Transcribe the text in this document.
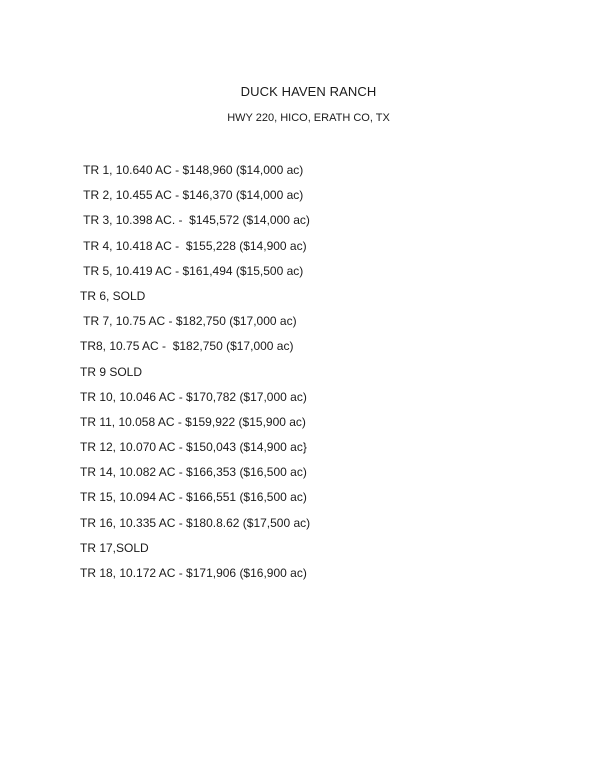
DUCK HAVEN RANCH
HWY 220, HICO, ERATH CO, TX
TR 1, 10.640 AC - $148,960 ($14,000 ac)
TR 2, 10.455 AC - $146,370 ($14,000 ac)
TR 3, 10.398 AC. -  $145,572 ($14,000 ac)
TR 4, 10.418 AC -  $155,228 ($14,900 ac)
TR 5, 10.419 AC - $161,494 ($15,500 ac)
TR 6, SOLD
TR 7, 10.75 AC - $182,750 ($17,000 ac)
TR8, 10.75 AC -  $182,750 ($17,000 ac)
TR 9 SOLD
TR 10, 10.046 AC - $170,782 ($17,000 ac)
TR 11, 10.058 AC - $159,922 ($15,900 ac)
TR 12, 10.070 AC - $150,043 ($14,900 ac}
TR 14, 10.082 AC - $166,353 ($16,500 ac)
TR 15, 10.094 AC - $166,551 ($16,500 ac)
TR 16, 10.335 AC - $180.8.62 ($17,500 ac)
TR 17,SOLD
TR 18, 10.172 AC - $171,906 ($16,900 ac)
